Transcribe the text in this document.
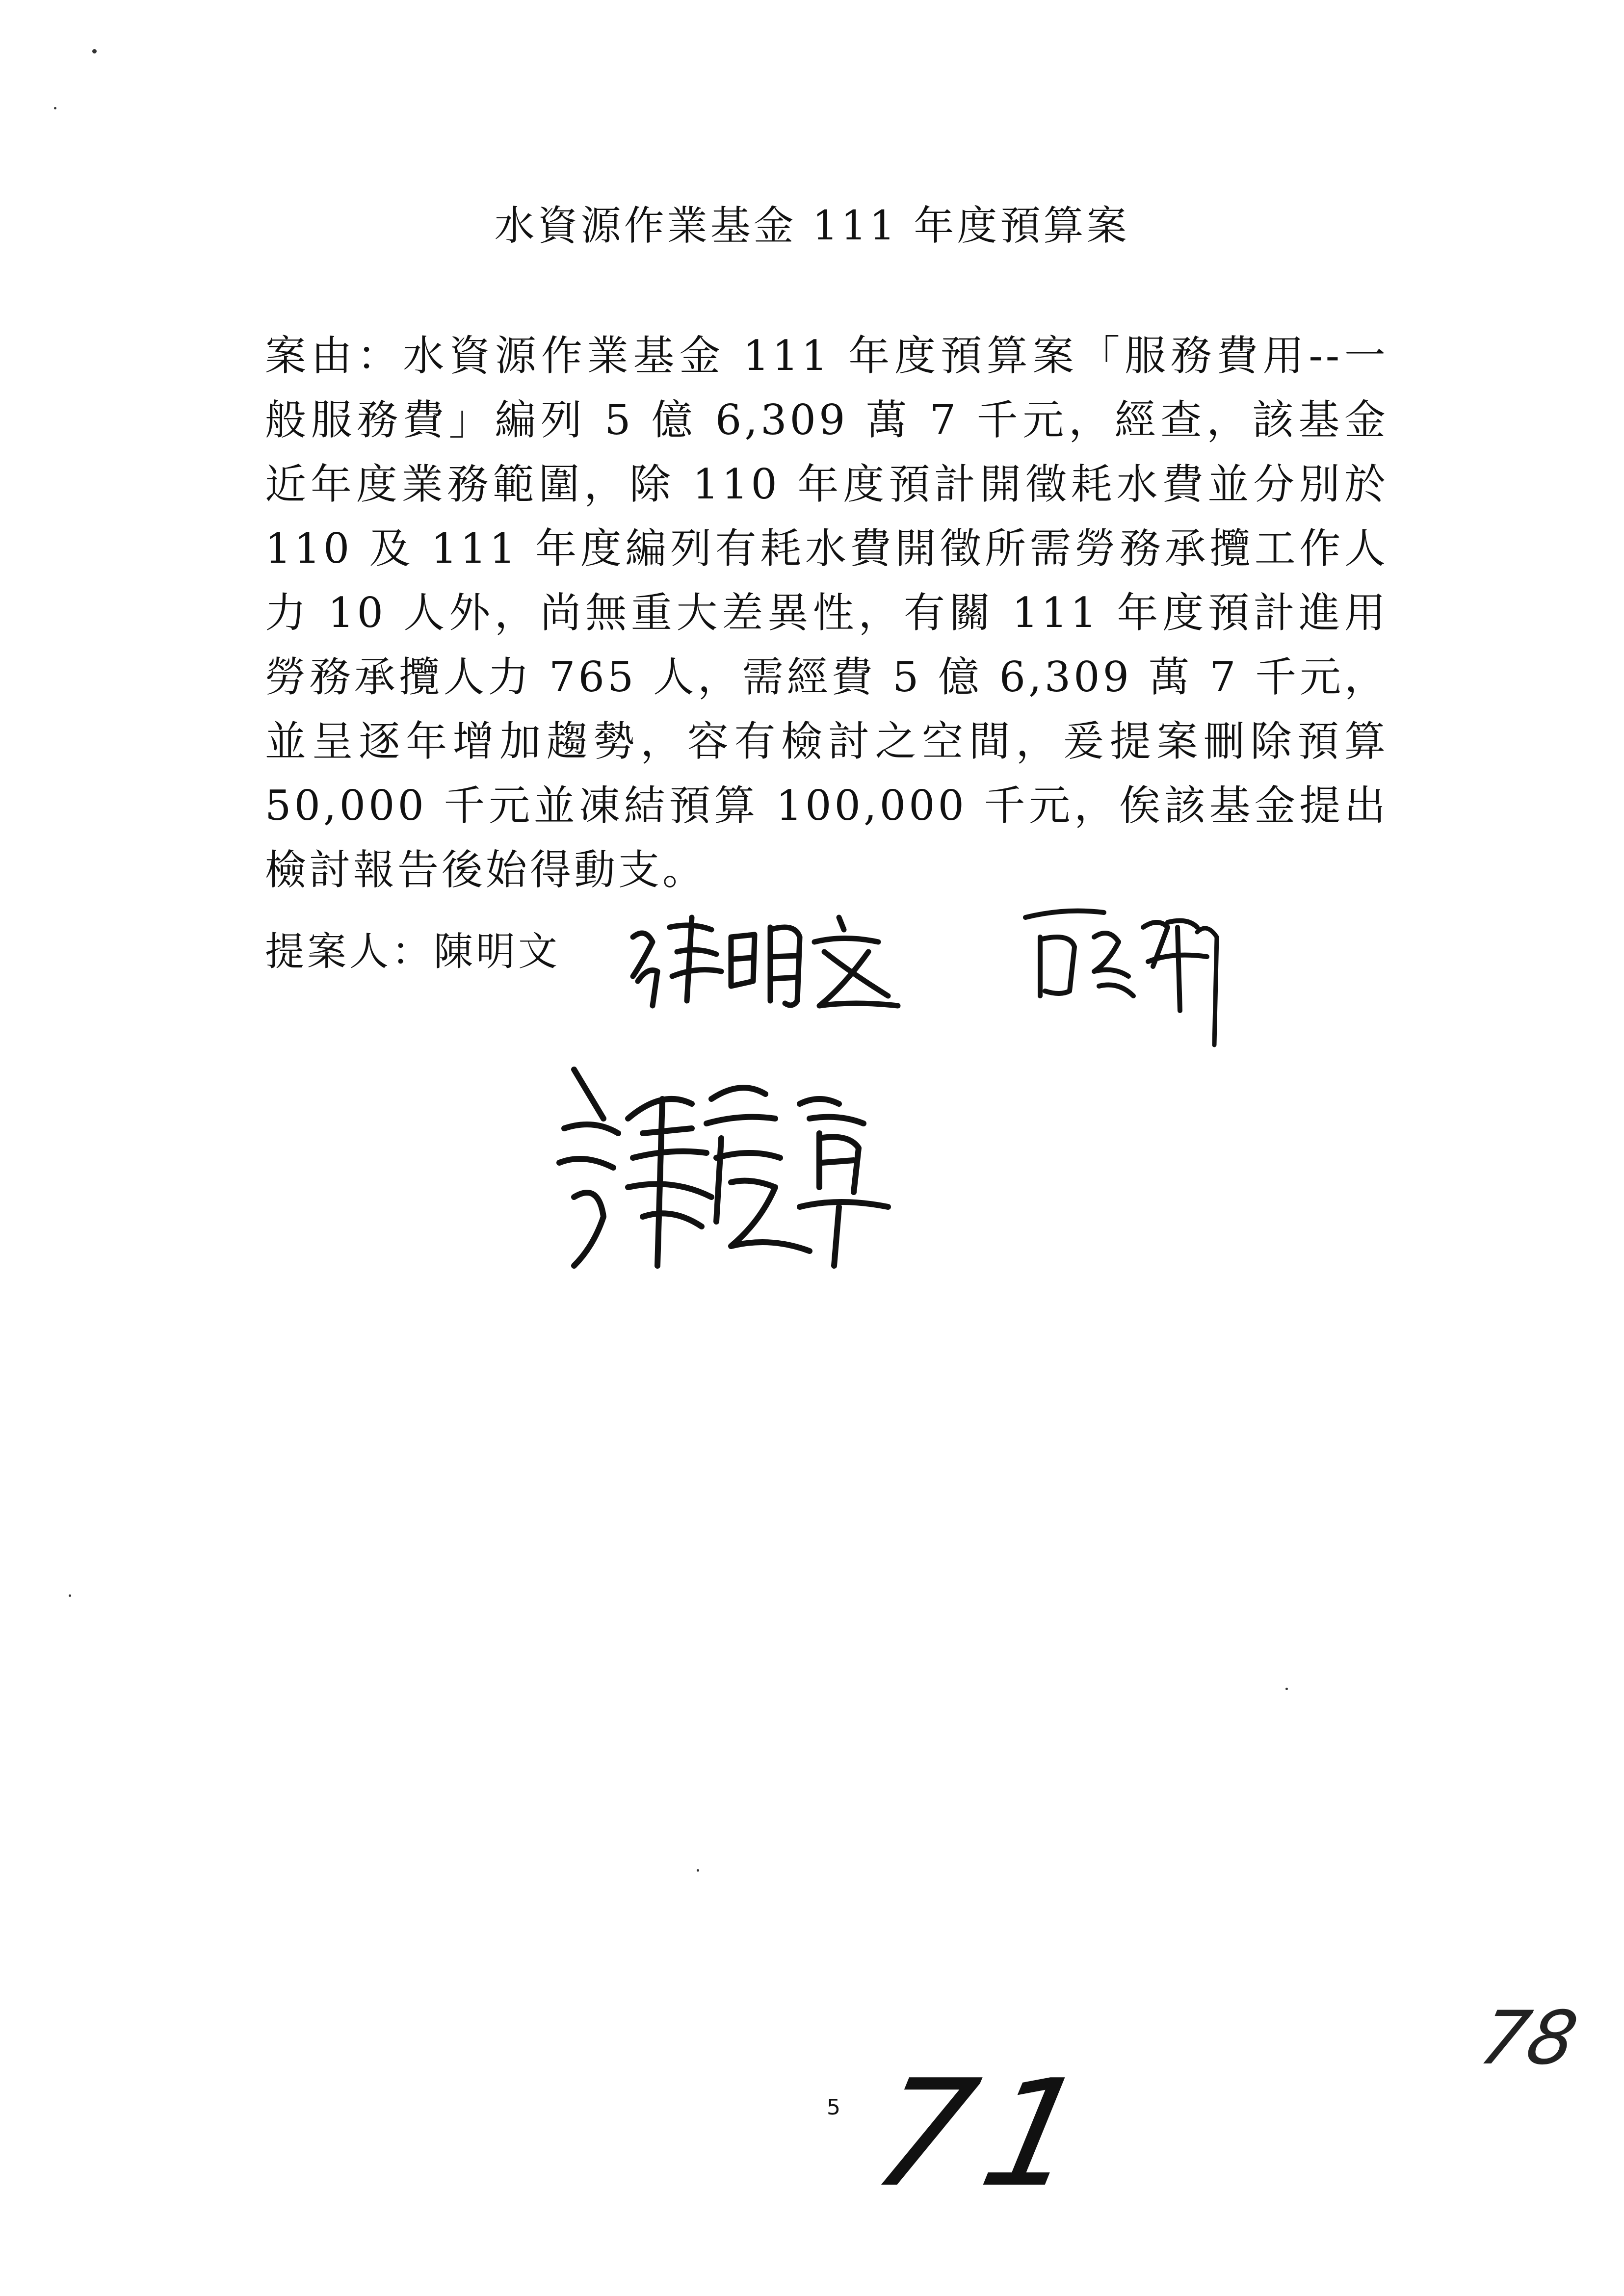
水資源作業基金 111 年度預算案
案由：水資源作業基金 111 年度預算案「服務費用--一般服務費」編列 5 億 6,309 萬 7 千元，經查，該基金近年度業務範圍，除 110 年度預計開徵耗水費並分別於 110 及 111 年度編列有耗水費開徵所需勞務承攬工作人力 10 人外，尚無重大差異性，有關 111 年度預計進用勞務承攬人力 765 人，需經費 5 億 6,309 萬 7 千元，並呈逐年增加趨勢，容有檢討之空間，爰提案刪除預算 50,000 千元並凍結預算 100,000 千元，俟該基金提出檢討報告後始得動支。
提案人：陳明文
5 71
78
